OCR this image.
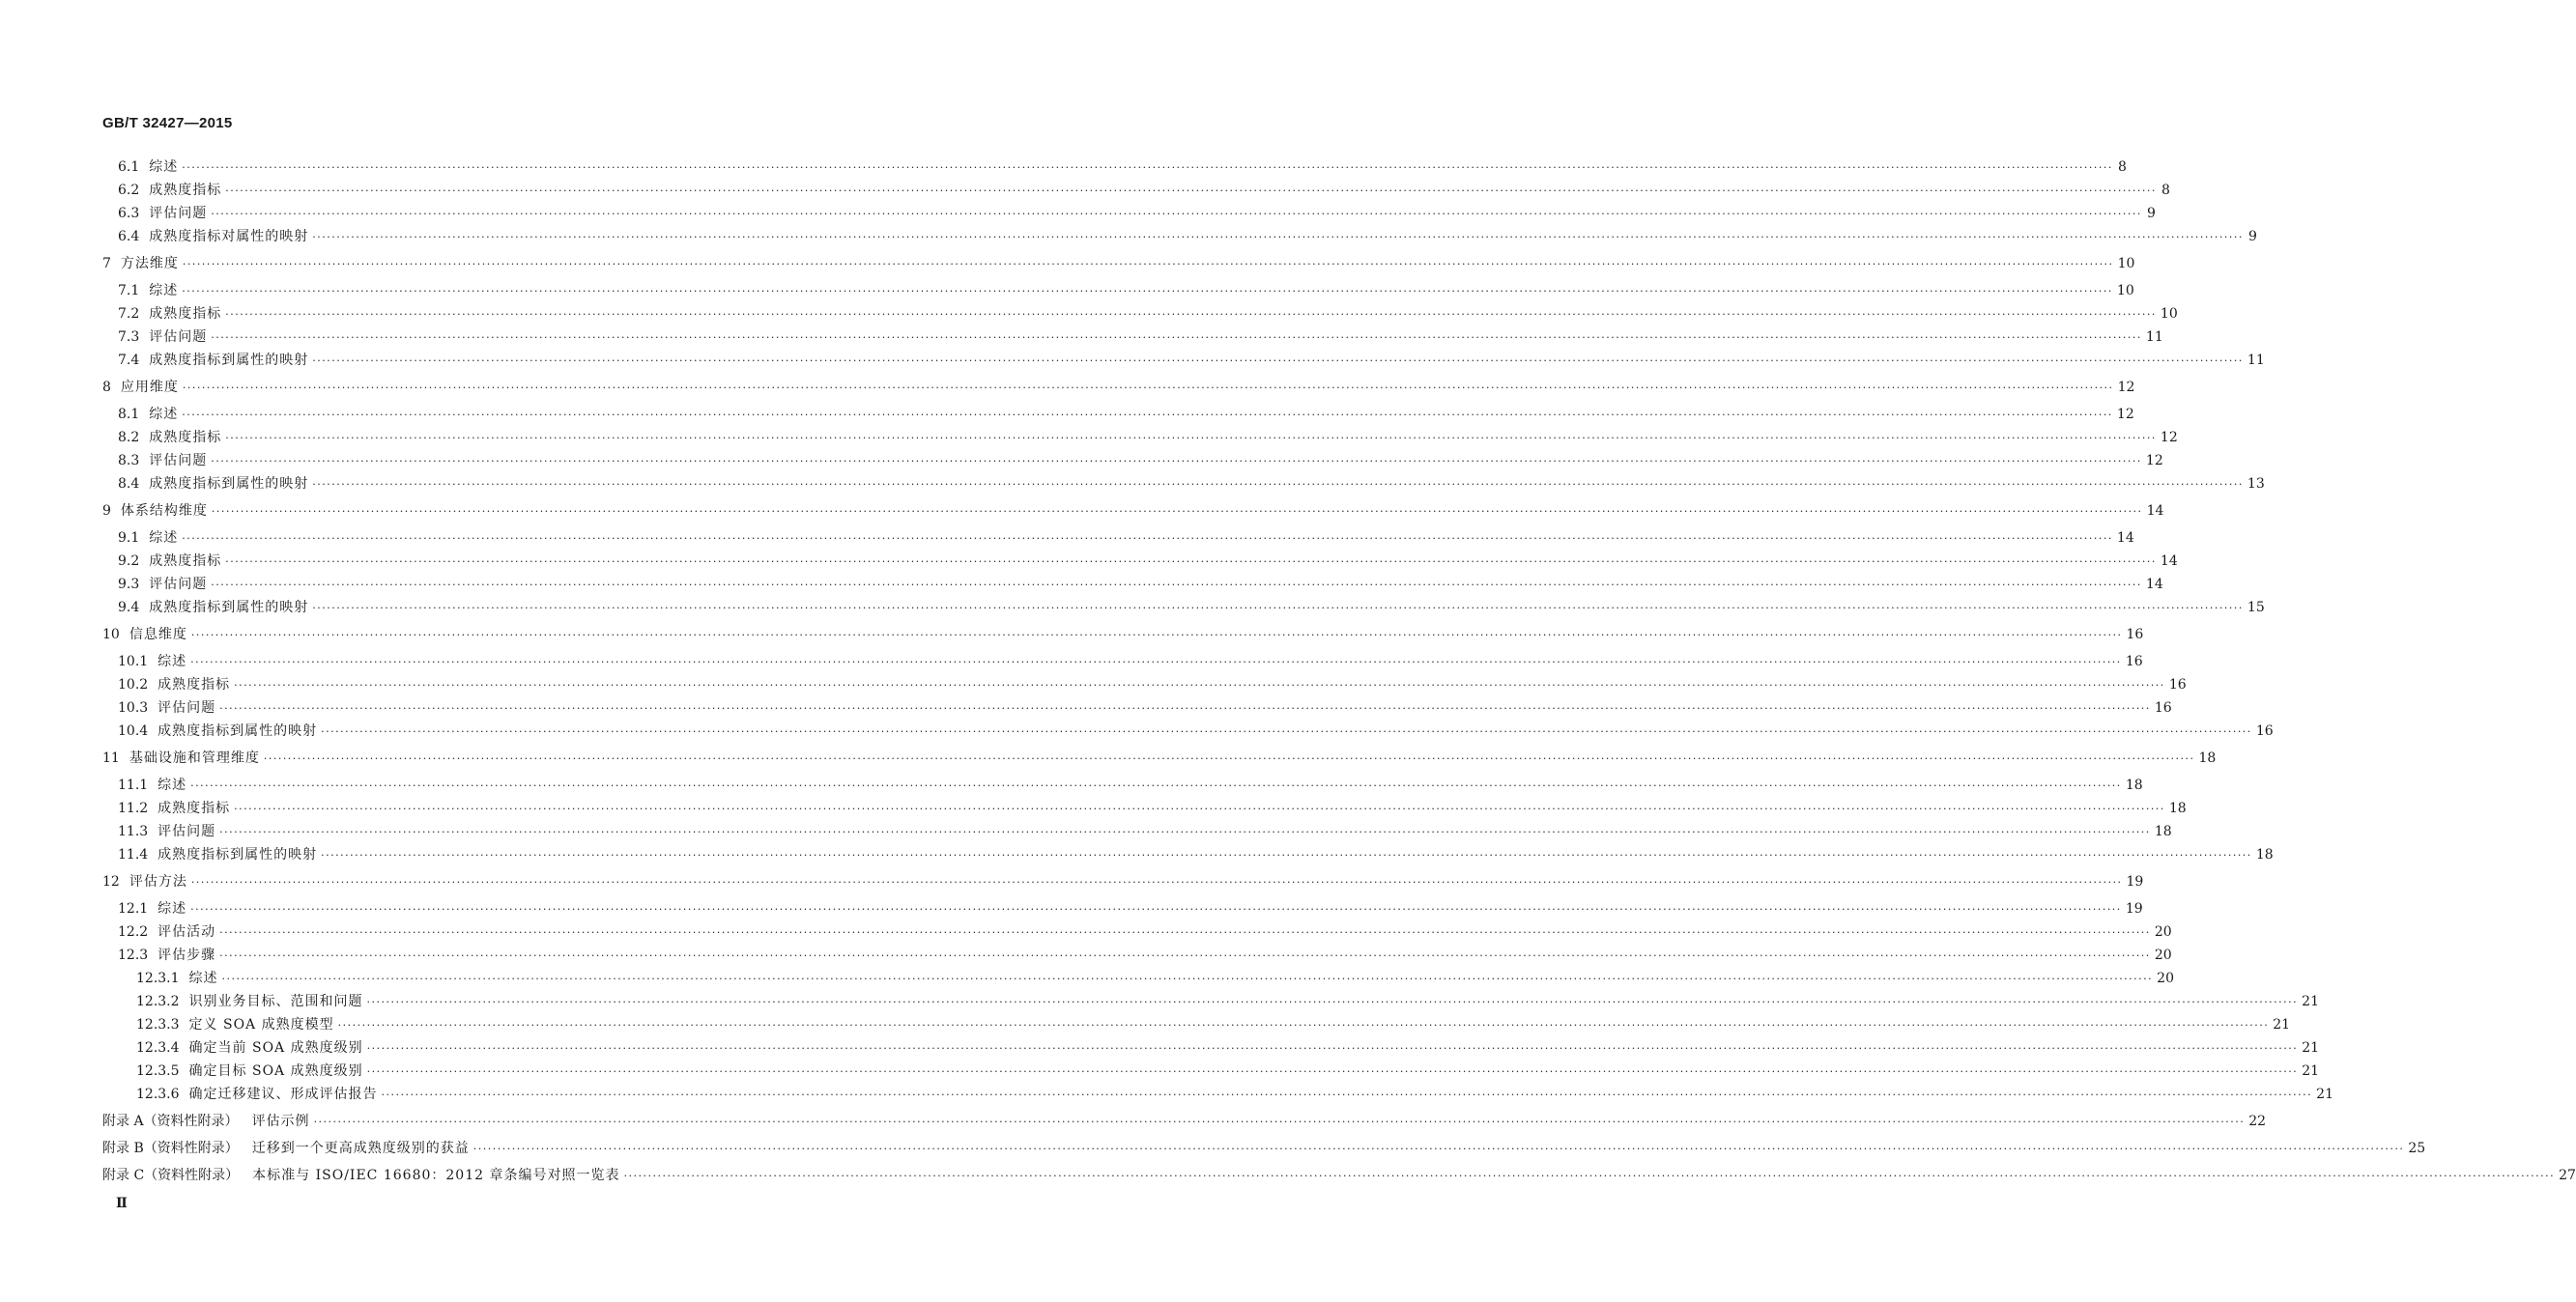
GB/T 32427—2015
6.1 综述 ················································································································································································································································································································································································································ 8
6.2 成熟度指标 ················································································································································································································································································································································································································ 8
6.3 评估问题 ················································································································································································································································································································································································································ 9
6.4 成熟度指标对属性的映射 ················································································································································································································································································································································································································ 9
7 方法维度 ················································································································································································································································································································································································································ 10
7.1 综述 ················································································································································································································································································································································································································ 10
7.2 成熟度指标 ················································································································································································································································································································································································································ 10
7.3 评估问题 ················································································································································································································································································································································································································ 11
7.4 成熟度指标到属性的映射 ················································································································································································································································································································································································································ 11
8 应用维度 ················································································································································································································································································································································································································ 12
8.1 综述 ················································································································································································································································································································································································································ 12
8.2 成熟度指标 ················································································································································································································································································································································································································ 12
8.3 评估问题 ················································································································································································································································································································································································································ 12
8.4 成熟度指标到属性的映射 ················································································································································································································································································································································································································ 13
9 体系结构维度 ················································································································································································································································································································································································································ 14
9.1 综述 ················································································································································································································································································································································································································ 14
9.2 成熟度指标 ················································································································································································································································································································································································································ 14
9.3 评估问题 ················································································································································································································································································································································································································ 14
9.4 成熟度指标到属性的映射 ················································································································································································································································································································································································································ 15
10 信息维度 ················································································································································································································································································································································································································ 16
10.1 综述 ················································································································································································································································································································································································································ 16
10.2 成熟度指标 ················································································································································································································································································································································································································ 16
10.3 评估问题 ················································································································································································································································································································································································································ 16
10.4 成熟度指标到属性的映射 ················································································································································································································································································································································································································ 16
11 基础设施和管理维度 ················································································································································································································································································································································································································ 18
11.1 综述 ················································································································································································································································································································································································································ 18
11.2 成熟度指标 ················································································································································································································································································································································································································ 18
11.3 评估问题 ················································································································································································································································································································································································································ 18
11.4 成熟度指标到属性的映射 ················································································································································································································································································································································································································ 18
12 评估方法 ················································································································································································································································································································································································································ 19
12.1 综述 ················································································································································································································································································································································································································ 19
12.2 评估活动 ················································································································································································································································································································································································································ 20
12.3 评估步骤 ················································································································································································································································································································································································································ 20
12.3.1 综述 ················································································································································································································································································································································································································ 20
12.3.2 识别业务目标、范围和问题 ················································································································································································································································································································································································································ 21
12.3.3 定义 SOA 成熟度模型 ················································································································································································································································································································································································································ 21
12.3.4 确定当前 SOA 成熟度级别 ················································································································································································································································································································································································································ 21
12.3.5 确定目标 SOA 成熟度级别 ················································································································································································································································································································································································································ 21
12.3.6 确定迁移建议、形成评估报告 ················································································································································································································································································································································································································ 21
附录 A（资料性附录） 评估示例 ················································································································································································································································································································································································································ 22
附录 B（资料性附录） 迁移到一个更高成熟度级别的获益 ················································································································································································································································································································································································································ 25
附录 C（资料性附录） 本标准与 ISO/IEC 16680：2012 章条编号对照一览表 ················································································································································································································································································································································································································ 27
Ⅱ
